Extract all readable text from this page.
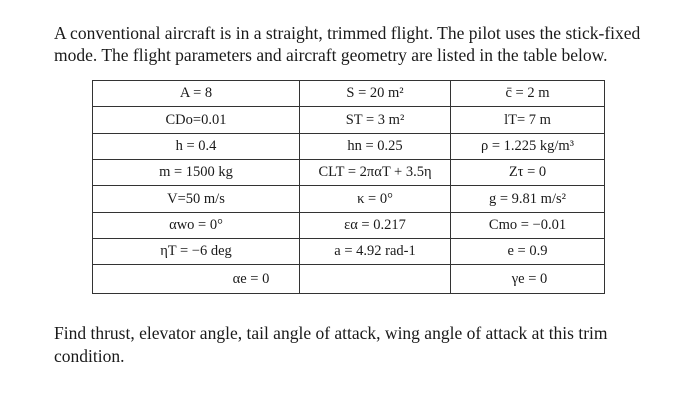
A conventional aircraft is in a straight, trimmed flight. The pilot uses the stick-fixed mode. The flight parameters and aircraft geometry are listed in the table below.

A = 8	S = 20 m²	c̄ = 2 m
CDo=0.01	ST = 3 m²	lT= 7 m
h = 0.4	hn = 0.25	ρ = 1.225 kg/m³
m = 1500 kg	CLT = 2παT + 3.5η	Zτ = 0
V=50 m/s	κ = 0°	g = 9.81 m/s²
αwo = 0°	εα = 0.217	Cmo = −0.01
ηT = −6 deg	a = 4.92 rad-1	e = 0.9
αe = 0		γe = 0

Find thrust, elevator angle, tail angle of attack, wing angle of attack at this trim condition.
